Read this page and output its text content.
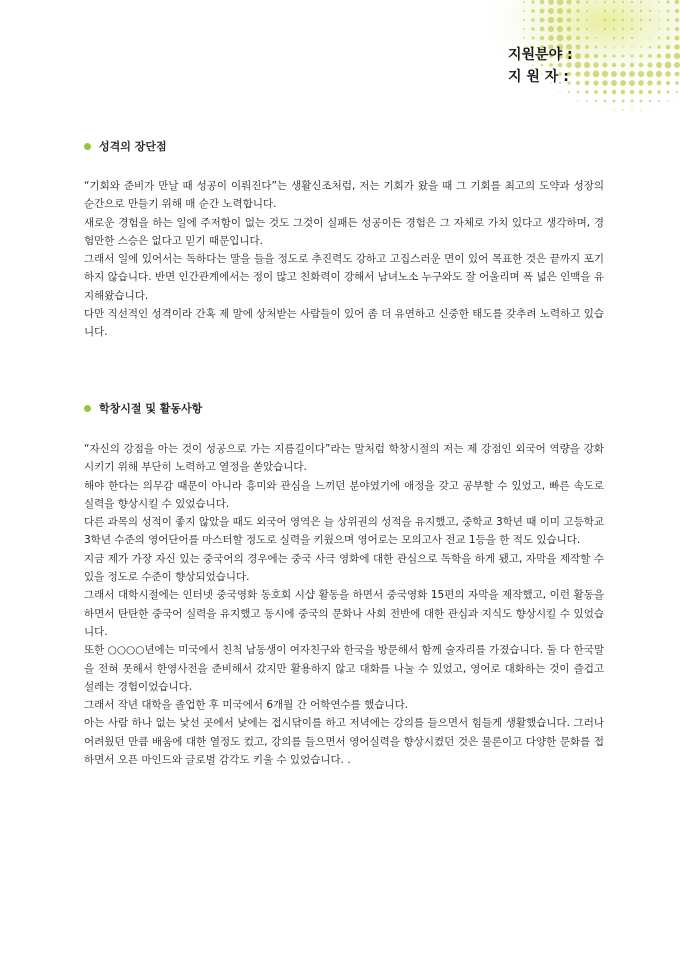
지원분야 :
지 원 자 :
성격의 장단점

“기회와 준비가 만날 때 성공이 이뤄진다”는 생활신조처럼, 저는 기회가 왔을 때 그 기회를 최고의 도약과 성장의 순간으로 만들기 위해 매 순간 노력합니다.

새로운 경험을 하는 일에 주저함이 없는 것도 그것이 실패든 성공이든 경험은 그 자체로 가치 있다고 생각하며, 경험만한 스승은 없다고 믿기 때문입니다.

그래서 일에 있어서는 독하다는 말을 들을 정도로 추진력도 강하고 고집스러운 면이 있어 목표한 것은 끝까지 포기하지 않습니다. 반면 인간관계에서는 정이 많고 친화력이 강해서 남녀노소 누구와도 잘 어울리며 폭 넓은 인맥을 유지해왔습니다.

다만 직선적인 성격이라 간혹 제 말에 상처받는 사람들이 있어 좀 더 유연하고 신중한 태도를 갖추려 노력하고 있습니다.

학창시절 및 활동사항

“자신의 강점을 아는 것이 성공으로 가는 지름길이다”라는 말처럼 학창시절의 저는 제 강점인 외국어 역량을 강화시키기 위해 부단히 노력하고 열정을 쏟았습니다.

해야 한다는 의무감 때문이 아니라 흥미와 관심을 느끼던 분야였기에 애정을 갖고 공부할 수 있었고, 빠른 속도로 실력을 향상시킬 수 있었습니다.

다른 과목의 성적이 좋지 않았을 때도 외국어 영역은 늘 상위권의 성적을 유지했고, 중학교 3학년 때 이미 고등학교 3학년 수준의 영어단어를 마스터할 정도로 실력을 키웠으며 영어로는 모의고사 전교 1등을 한 적도 있습니다.

지금 제가 가장 자신 있는 중국어의 경우에는 중국 사극 영화에 대한 관심으로 독학을 하게 됐고, 자막을 제작할 수 있을 정도로 수준이 향상되었습니다.

그래서 대학시절에는 인터넷 중국영화 동호회 시샵 활동을 하면서 중국영화 15편의 자막을 제작했고, 이런 활동을 하면서 탄탄한 중국어 실력을 유지했고 동시에 중국의 문화나 사회 전반에 대한 관심과 지식도 향상시킬 수 있었습니다.

또한 ○○○○년에는 미국에서 친척 남동생이 여자친구와 한국을 방문해서 함께 술자리를 가졌습니다. 둘 다 한국말을 전혀 못해서 한영사전을 준비해서 갔지만 활용하지 않고 대화를 나눌 수 있었고, 영어로 대화하는 것이 즐겁고 설레는 경험이었습니다.

그래서 작년 대학을 졸업한 후 미국에서 6개월 간 어학연수를 했습니다.

아는 사람 하나 없는 낯선 곳에서 낮에는 접시닦이를 하고 저녁에는 강의를 들으면서 힘들게 생활했습니다. 그러나 어려웠던 만큼 배움에 대한 열정도 컸고, 강의를 들으면서 영어실력을 향상시켰던 것은 물론이고 다양한 문화를 접하면서 오픈 마인드와 글로벌 감각도 키울 수 있었습니다. .
